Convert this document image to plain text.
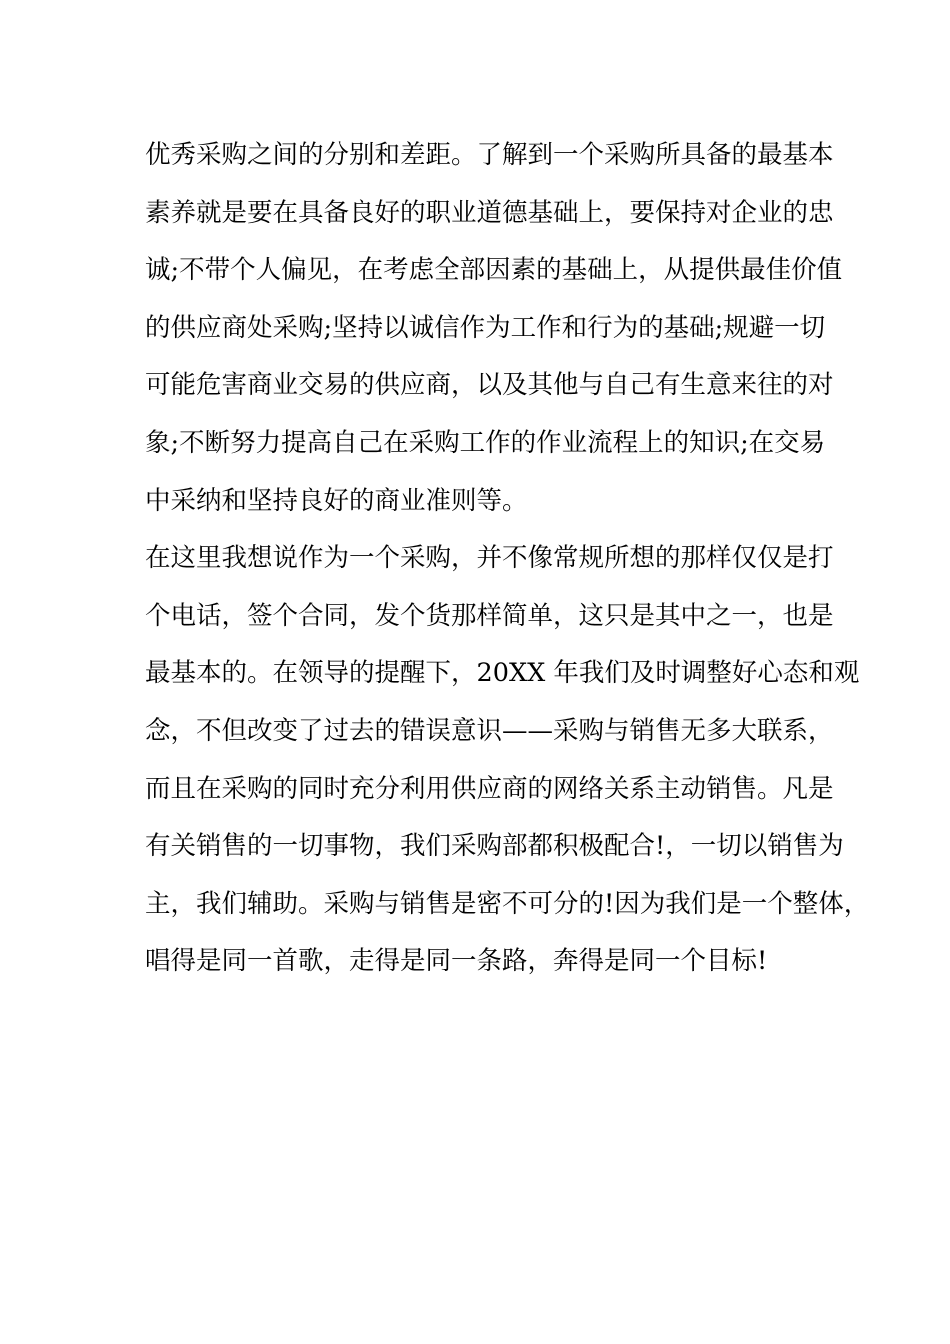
优秀采购之间的分别和差距。了解到一个采购所具备的最基本
素养就是要在具备良好的职业道德基础上，要保持对企业的忠
诚;不带个人偏见，在考虑全部因素的基础上，从提供最佳价值
的供应商处采购;坚持以诚信作为工作和行为的基础;规避一切
可能危害商业交易的供应商，以及其他与自己有生意来往的对
象;不断努力提高自己在采购工作的作业流程上的知识;在交易
中采纳和坚持良好的商业准则等。
在这里我想说作为一个采购，并不像常规所想的那样仅仅是打
个电话，签个合同，发个货那样简单，这只是其中之一，也是
最基本的。在领导的提醒下，20XX 年我们及时调整好心态和观
念，不但改变了过去的错误意识——采购与销售无多大联系，
而且在采购的同时充分利用供应商的网络关系主动销售。凡是
有关销售的一切事物，我们采购部都积极配合!，一切以销售为
主，我们辅助。采购与销售是密不可分的!因为我们是一个整体，
唱得是同一首歌，走得是同一条路，奔得是同一个目标!
